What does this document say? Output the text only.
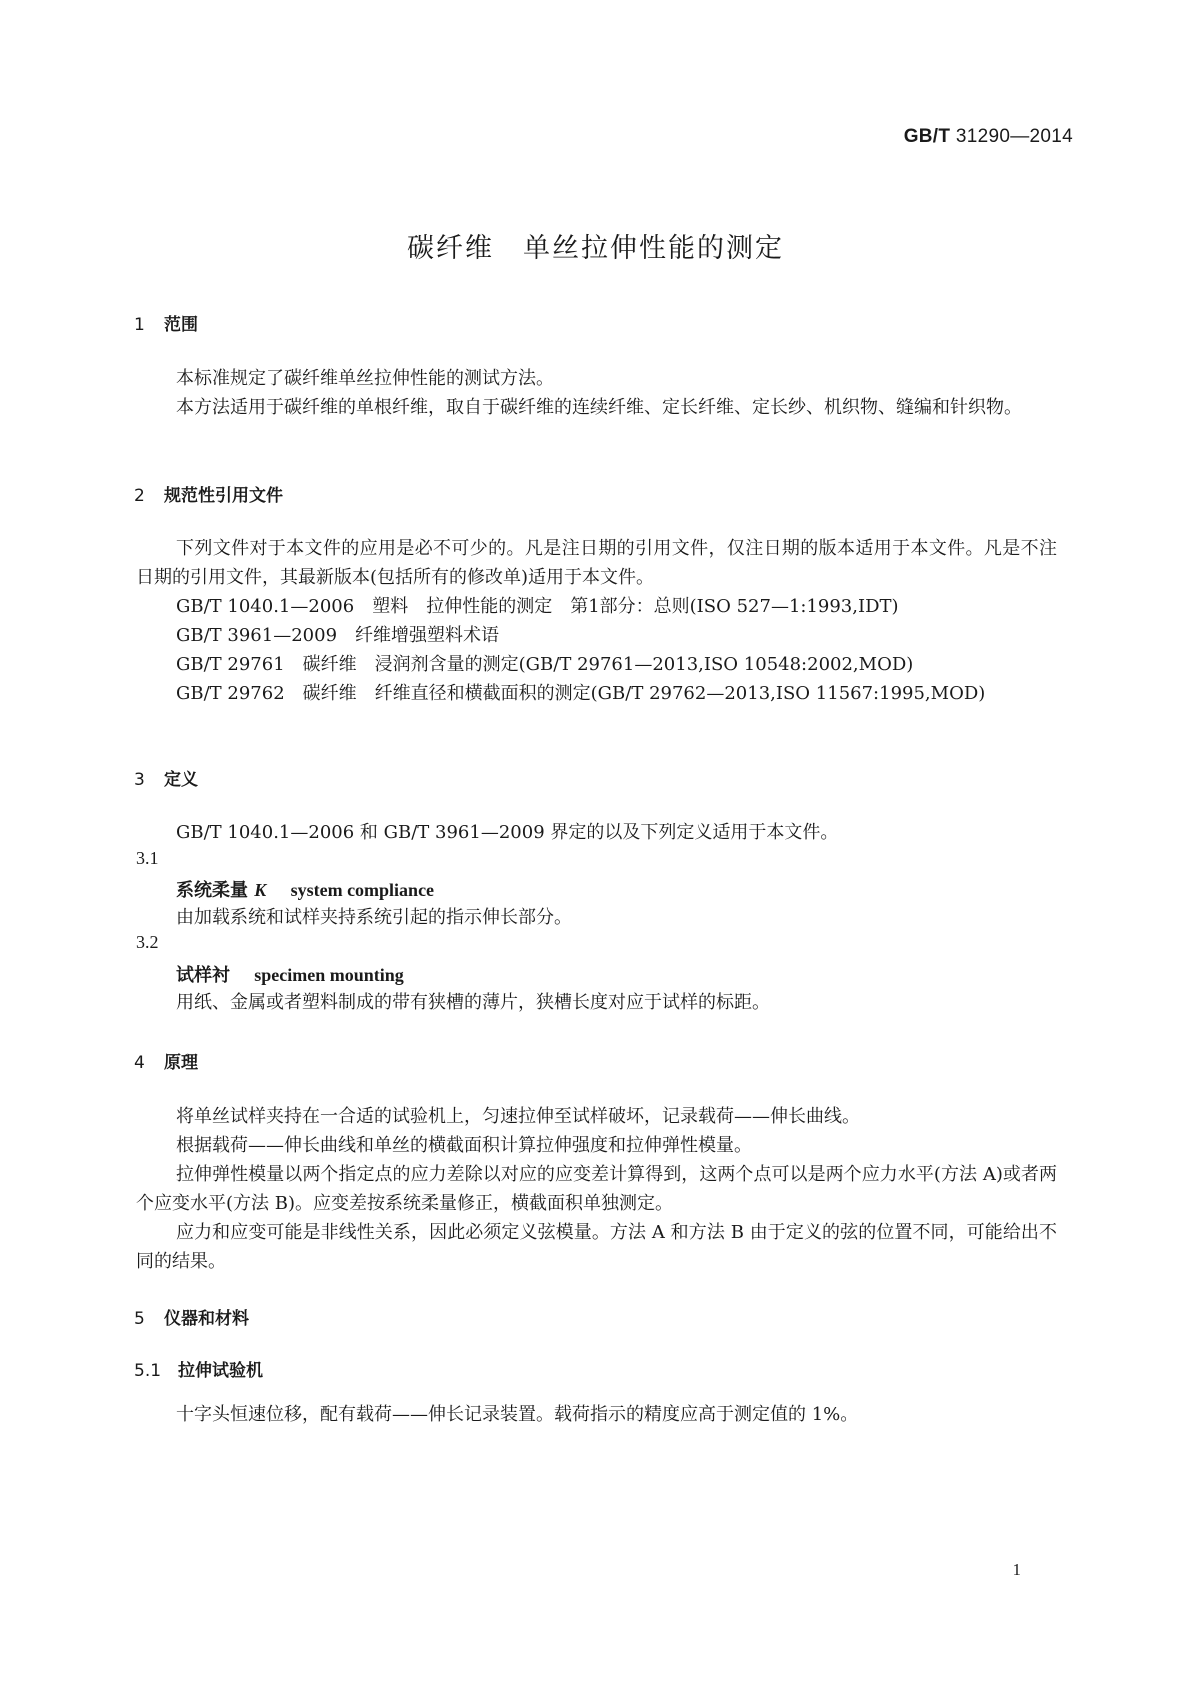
GB/T 31290—2014
碳纤维　单丝拉伸性能的测定
1 范围
本标准规定了碳纤维单丝拉伸性能的测试方法。
本方法适用于碳纤维的单根纤维，取自于碳纤维的连续纤维、定长纤维、定长纱、机织物、缝编和针织物。
2 规范性引用文件
下列文件对于本文件的应用是必不可少的。凡是注日期的引用文件，仅注日期的版本适用于本文件。凡是不注日期的引用文件，其最新版本(包括所有的修改单)适用于本文件。
GB/T 1040.1—2006　塑料　拉伸性能的测定　第1部分：总则(ISO 527—1:1993,IDT)
GB/T 3961—2009　纤维增强塑料术语
GB/T 29761　碳纤维　浸润剂含量的测定(GB/T 29761—2013,ISO 10548:2002,MOD)
GB/T 29762　碳纤维　纤维直径和横截面积的测定(GB/T 29762—2013,ISO 11567:1995,MOD)
3 定义
GB/T 1040.1—2006 和 GB/T 3961—2009 界定的以及下列定义适用于本文件。
3.1
系统柔量 K system compliance
由加载系统和试样夹持系统引起的指示伸长部分。
3.2
试样衬 specimen mounting
用纸、金属或者塑料制成的带有狭槽的薄片，狭槽长度对应于试样的标距。
4 原理
将单丝试样夹持在一合适的试验机上，匀速拉伸至试样破坏，记录载荷——伸长曲线。
根据载荷——伸长曲线和单丝的横截面积计算拉伸强度和拉伸弹性模量。
拉伸弹性模量以两个指定点的应力差除以对应的应变差计算得到，这两个点可以是两个应力水平(方法 A)或者两个应变水平(方法 B)。应变差按系统柔量修正，横截面积单独测定。
应力和应变可能是非线性关系，因此必须定义弦模量。方法 A 和方法 B 由于定义的弦的位置不同，可能给出不同的结果。
5 仪器和材料
5.1 拉伸试验机
十字头恒速位移，配有载荷——伸长记录装置。载荷指示的精度应高于测定值的 1%。
1
